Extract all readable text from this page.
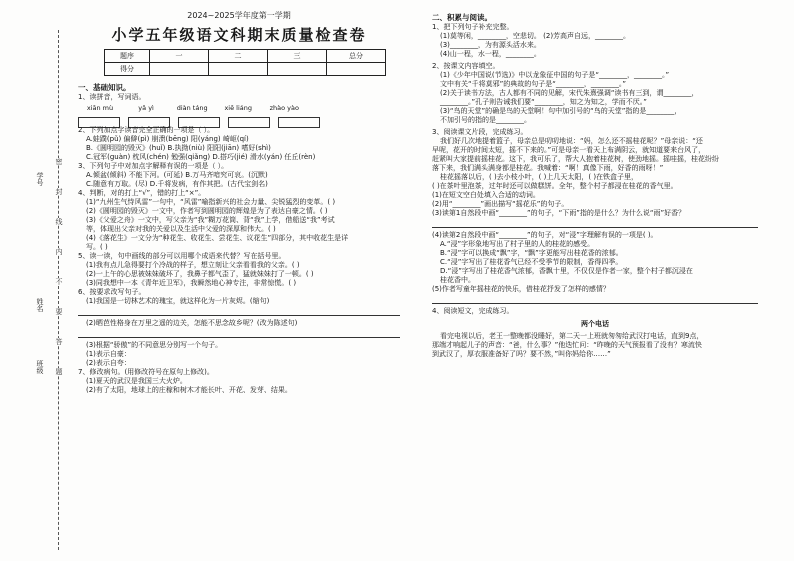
学号
姓名
班级
密
封
线
内
不
要
答
题
2024~2025学年度第一学期
小学五年级语文科期末质量检查卷
题序	一	二	三	总分
得分				
一、基础知识。
1、读拼音，写词语。
xiān mù	yǎ yì	diàn táng	xiē liáng	zhào yào

2、下列加点字读音完全正确的一项是（ ）。
A.蛙蹼(pǔ) 偏僻(pì) 崩溃(bēng) 阳(yáng) 崎岖(qí)
B.《圆明园的毁灭》(huǐ) B.执拗(niù) 阳阳(jiān) 嗜好(shì)
C.冠军(guàn) 枕风(chén) 勉强(qiǎng) D.搭巧(jié) 滑水(yán) 任丘(rèn)
3、下列句子中对加点字解释有误的一项是（ ）。
A.倾盆(倾斜) 不能下河。(可延) B.万马齐喑究可哀。(沉默)
C.随意有万取。(尽) D.千将发病，有作其把。(古代宝剑名)
4、判断，对的打上“√”，错的打上“×”。
(1)“九州生气恃风雷”一句中，“风雷”喻指新兴的社会力量、尖锐猛烈的变革。( )
(2)《圆明园的毁灭》一文中，作者写到圆明园的辉煌是为了表达自豪之情。( )
(3)《父爱之舟》一文中，写父亲为“我”糊万花筒、背“我”上学，借船送“我”考试
等，体现出父亲对我的关爱以及生活中父爱的深厚和伟大。( )
(4)《落花生》一文分为“种花生、收花生、尝花生、议花生”四部分，其中收花生是详
写。( )
5、读一读，句中画线的部分可以用哪个成语来代替？写在括号里。
(1)我有点儿急得要打个冷战的样子，想立刻让父亲看看我的父亲。( )
(2)一上午的心思被妹妹破坏了，我鼻子都气歪了，猛就妹妹打了一顿。( )
(3)同我想中一本《青年近卫军》，我瞬然地心神专注，非常惊慌。( )
6、按要求改写句子。
(1)我国是一切林艺术的瑰宝，就这样化为一片灰烬。(缩句)
(2)晒芭性格身在万里之遥的边关，怎能不思念故乡呢？(改为陈述句)
(3)根据“骄傲”的不同意思分别写一个句子。
(1)表示自豪：
(2)表示自夸：
7、修改病句。(用修改符号在原句上修改)。
(1)夏天的武汉是我国三大火炉。
(2)有了太阳，地球上的庄稼和树木才能长叶、开花、发芽、结果。
二、积累与阅读。
1、把下列句子补充完整。
(1)莫等闲，________，空悲切。 (2)芳高声自远，________。
(3)________，为有源头活水来。
(4)山一程，水一程，________。
2、按课文内容填空。
(1)《少年中国说(节选)》中以龙象征中国的句子是“________，________。”
文中有关“千将莫邪”的典故的句子是“________，________。”
(2)关于读书方法，古人都有不同的见解，宋代朱熹强调“读书有三到，谓________，
________。”孔子则告诫我们要“________，知之为知之，学而不厌。”
(3)“鸟的天堂”的确是鸟的天堂啊！句中加引号的“鸟的天堂”指的是________，
不加引号的指的是________。
3、阅读课文片段，完成练习。
我们好几次地提着篮子，母亲总是叨叨地说：“妈，怎么还不摇桂花呢？”母亲说：“还
早呢，花开的时间太短，摇不下来的。”可是母亲一看天上布满阴云，就知道要来台风了，
赶紧叫大家提前摇桂花。这下，我可乐了，帮大人抱着桂花树，使劲地摇。摇哇摇，桂花纷纷
落下来，我们满头满身都是桂花。我喊着：“啊！真像下雨，好香的雨呀！”
桂花摇落以后，( )去小枝小叶，( )上几天太阳，( )在铁盒子里，
( )在茶叶里泡茶，过年时还可以做糕饼。全年，整个村子都浸在桂花的香气里。
(1)在短文空白处填入合适的动词。
(2)用“________”画出描写“摇花乐”的句子。
(3)读第1自然段中画“________”的句子，“下雨”指的是什么？为什么说“雨”好香？
(4)读第2自然段中画“________”的句子，对“浸”字理解有误的一项是( )。
A.“浸”字形象地写出了村子里的人的桂花的感受。
B.“浸”字可以换成“飘”字，“飘”字更能写出桂花香的浓郁。
C.“浸”字写出了桂花香气已经不受季节的限制，香得四季。
D.“浸”字写出了桂花香气浓郁，香飘十里，不仅仅是作者一家，整个村子都沉浸在
桂花香中。
(5)作者写童年摇桂花的快乐，借桂花抒发了怎样的感情？
4、阅读短文，完成练习。
两个电话
看完电视以后，老王一整晚都没睡好，第二天一上班就匆匆给武汉打电话，直到9点，
那端才响起儿子的声音：“爸，什么事？”他迭忙问：“昨晚的天气预报看了没有？寒流快
到武汉了，厚衣服准备好了吗？要不然，”叫你妈给你……”
